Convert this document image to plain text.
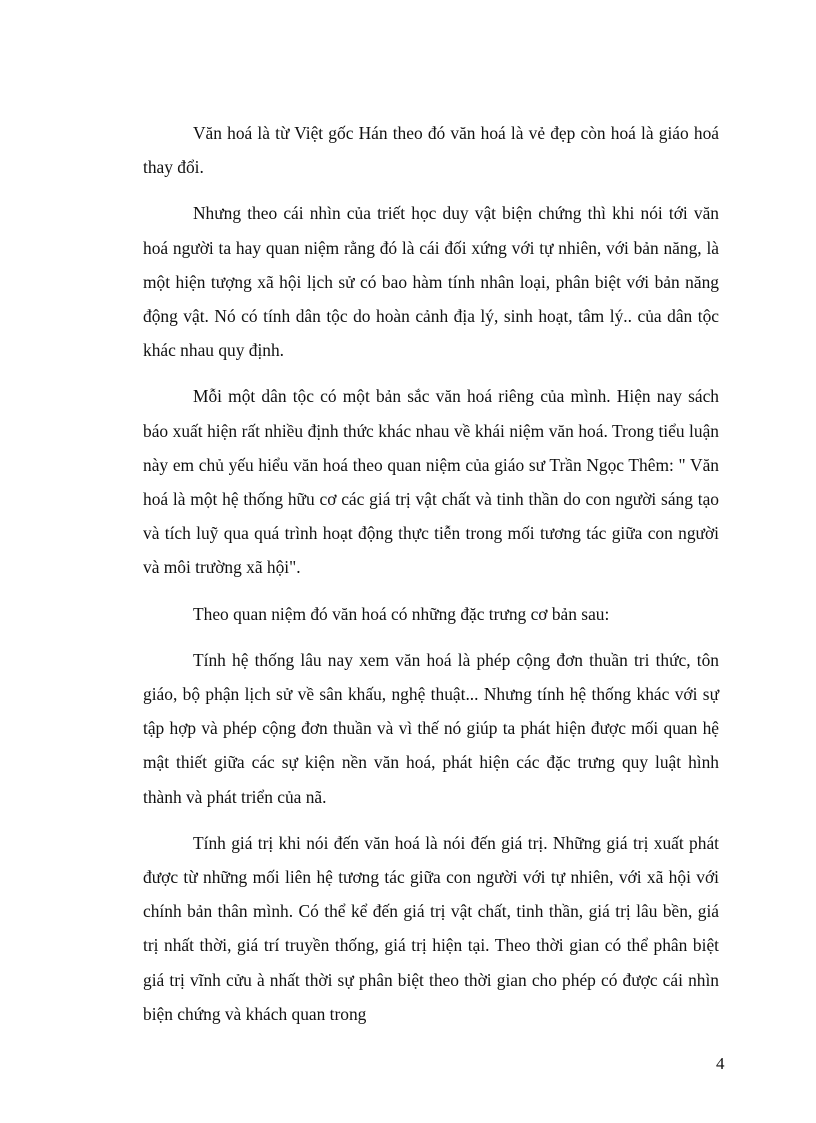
Văn hoá là từ Việt gốc Hán theo đó văn hoá là vẻ đẹp còn hoá là giáo hoá thay đổi.

Nhưng theo cái nhìn của triết học duy vật biện chứng thì khi nói tới văn hoá người ta hay quan niệm rằng đó là cái đối xứng với tự nhiên, với bản năng, là một hiện tượng xã hội lịch sử có bao hàm tính nhân loại, phân biệt với bản năng động vật. Nó có tính dân tộc do hoàn cảnh địa lý, sinh hoạt, tâm lý.. của dân tộc khác nhau quy định.

Mỗi một dân tộc có một bản sắc văn hoá riêng của mình. Hiện nay sách báo xuất hiện rất nhiều định thức khác nhau về khái niệm văn hoá. Trong tiểu luận này em chủ yếu hiểu văn hoá theo quan niệm của giáo sư Trần Ngọc Thêm: " Văn hoá là một hệ thống hữu cơ các giá trị vật chất và tinh thần do con người sáng tạo và tích luỹ qua quá trình hoạt động thực tiễn trong mối tương tác giữa con người và môi trường xã hội".

Theo quan niệm đó văn hoá có những đặc trưng cơ bản sau:

Tính hệ thống lâu nay xem văn hoá là phép cộng đơn thuần tri thức, tôn giáo, bộ phận lịch sử về sân khấu, nghệ thuật... Nhưng tính hệ thống khác với sự tập hợp và phép cộng đơn thuần và vì thế nó giúp ta phát hiện được mối quan hệ mật thiết giữa các sự kiện nền văn hoá, phát hiện các đặc trưng quy luật hình thành và phát triển của nã.

Tính giá trị khi nói đến văn hoá là nói đến giá trị. Những giá trị xuất phát được từ những mối liên hệ tương tác giữa con người với tự nhiên, với xã hội với chính bản thân mình. Có thể kể đến giá trị vật chất, tinh thần, giá trị lâu bền, giá trị nhất thời, giá trí truyền thống, giá trị hiện tại. Theo thời gian có thể phân biệt giá trị vĩnh cửu à nhất thời sự phân biệt theo thời gian cho phép có được cái nhìn biện chứng và khách quan trong

4
